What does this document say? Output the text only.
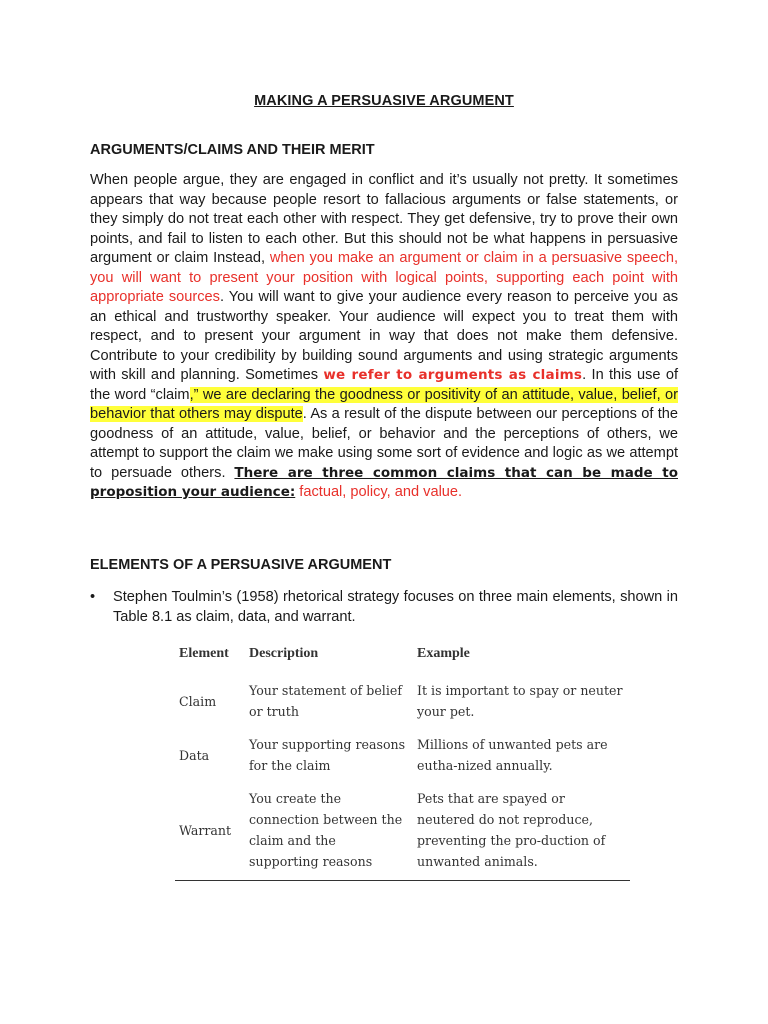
MAKING A PERSUASIVE ARGUMENT
ARGUMENTS/CLAIMS AND THEIR MERIT
When people argue, they are engaged in conflict and it’s usually not pretty. It sometimes appears that way because people resort to fallacious arguments or false statements, or they simply do not treat each other with respect. They get defensive, try to prove their own points, and fail to listen to each other. But this should not be what happens in persuasive argument or claim Instead, when you make an argument or claim in a persuasive speech, you will want to present your position with logical points, supporting each point with appropriate sources. You will want to give your audience every reason to perceive you as an ethical and trustworthy speaker. Your audience will expect you to treat them with respect, and to present your argument in way that does not make them defensive. Contribute to your credibility by building sound arguments and using strategic arguments with skill and planning. Sometimes we refer to arguments as claims. In this use of the word “claim,” we are declaring the goodness or positivity of an attitude, value, belief, or behavior that others may dispute. As a result of the dispute between our perceptions of the goodness of an attitude, value, belief, or behavior and the perceptions of others, we attempt to support the claim we make using some sort of evidence and logic as we attempt to persuade others. There are three common claims that can be made to proposition your audience: factual, policy, and value.
ELEMENTS OF A PERSUASIVE ARGUMENT
• Stephen Toulmin’s (1958) rhetorical strategy focuses on three main elements, shown in Table 8.1 as claim, data, and warrant.
Element	Description	Example
Claim	Your statement of belief or truth	It is important to spay or neuter your pet.
Data	Your supporting reasons for the claim	Millions of unwanted pets are eutha-nized annually.
Warrant	You create the connection between the claim and the supporting reasons	Pets that are spayed or neutered do not reproduce, preventing the pro-duction of unwanted animals.
